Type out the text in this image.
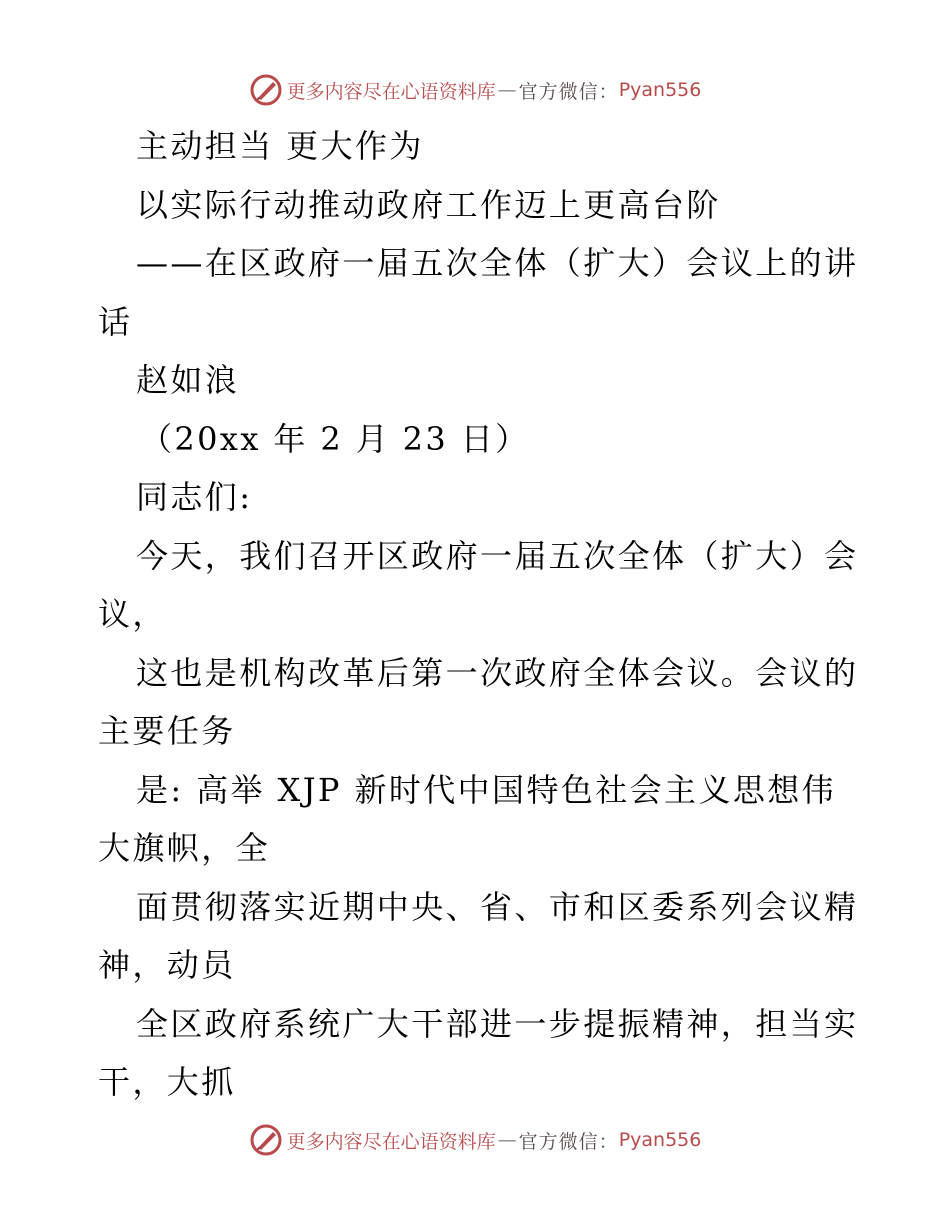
更多内容尽在心语资料库 — 官方微信： Pyan556
主动担当 更大作为
以实际行动推动政府工作迈上更高台阶
——在区政府一届五次全体（扩大）会议上的讲
话
赵如浪
（20xx 年 2 月 23 日）
同志们:
今天，我们召开区政府一届五次全体（扩大）会
议，
这也是机构改革后第一次政府全体会议。会议的
主要任务
是: 高举 XJP 新时代中国特色社会主义思想伟
大旗帜，全
面贯彻落实近期中央、省、市和区委系列会议精
神，动员
全区政府系统广大干部进一步提振精神，担当实
干，大抓
更多内容尽在心语资料库 — 官方微信： Pyan556
